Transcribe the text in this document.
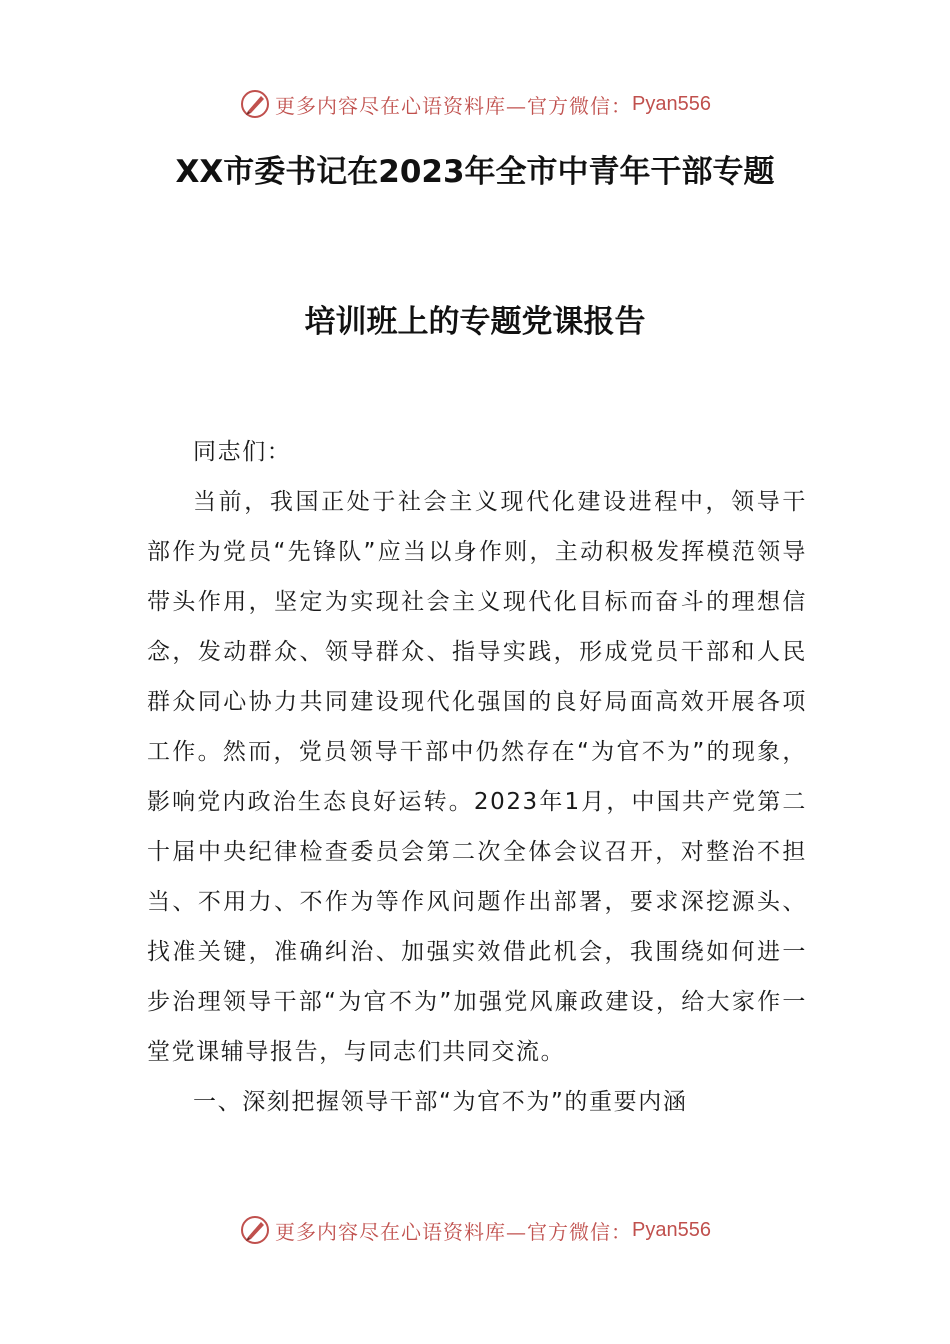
更多内容尽在心语资料库—官方微信： Pyan556
XX市委书记在2023年全市中青年干部专题
培训班上的专题党课报告

同志们：

当前，我国正处于社会主义现代化建设进程中，领导干部作为党员“先锋队”应当以身作则，主动积极发挥模范领导带头作用，坚定为实现社会主义现代化目标而奋斗的理想信念，发动群众、领导群众、指导实践，形成党员干部和人民群众同心协力共同建设现代化强国的良好局面高效开展各项工作。然而，党员领导干部中仍然存在“为官不为”的现象，影响党内政治生态良好运转。2023年1月，中国共产党第二十届中央纪律检查委员会第二次全体会议召开，对整治不担当、不用力、不作为等作风问题作出部署，要求深挖源头、找准关键，准确纠治、加强实效借此机会，我围绕如何进一步治理领导干部“为官不为”加强党风廉政建设，给大家作一堂党课辅导报告，与同志们共同交流。

一、深刻把握领导干部“为官不为”的重要内涵

更多内容尽在心语资料库—官方微信： Pyan556
